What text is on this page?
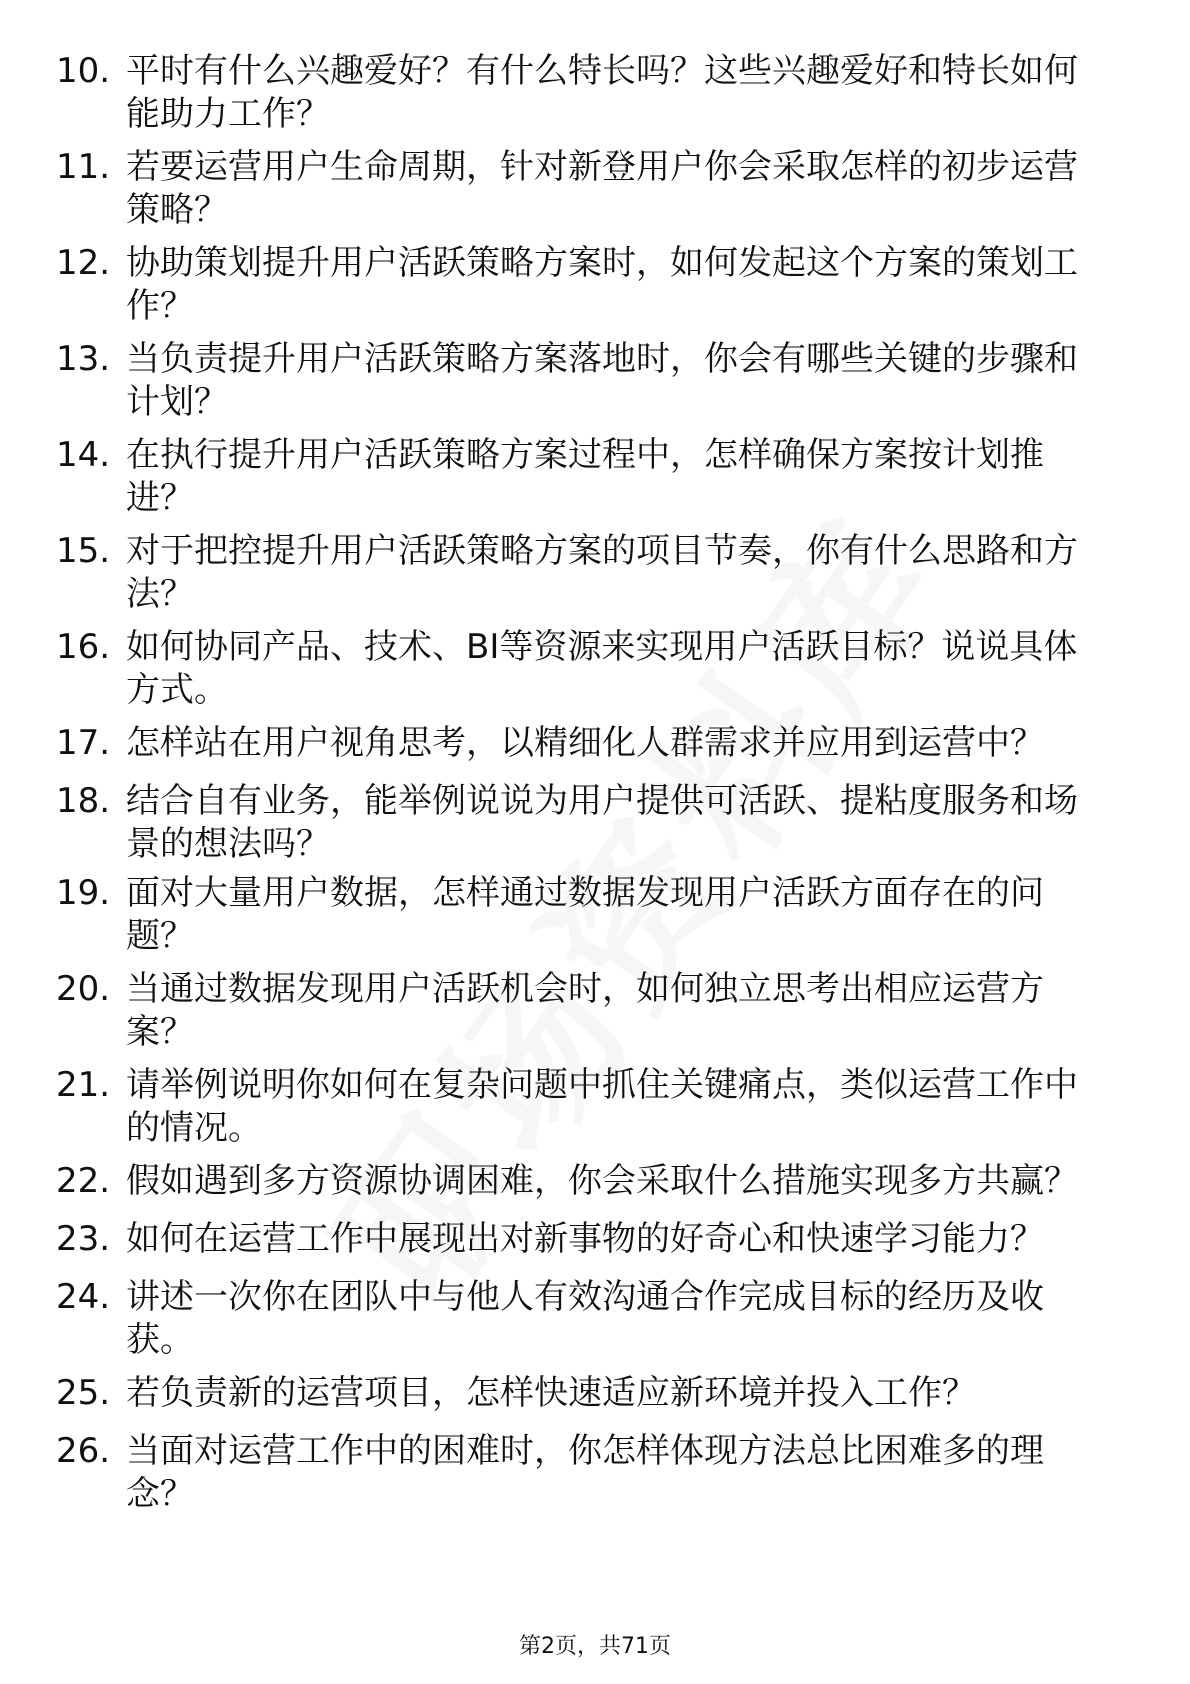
10. 平时有什么兴趣爱好？有什么特长吗？这些兴趣爱好和特长如何能助力工作？
11. 若要运营用户生命周期，针对新登用户你会采取怎样的初步运营策略？
12. 协助策划提升用户活跃策略方案时，如何发起这个方案的策划工作？
13. 当负责提升用户活跃策略方案落地时，你会有哪些关键的步骤和计划？
14. 在执行提升用户活跃策略方案过程中，怎样确保方案按计划推进？
15. 对于把控提升用户活跃策略方案的项目节奏，你有什么思路和方法？
16. 如何协同产品、技术、BI等资源来实现用户活跃目标？说说具体方式。
17. 怎样站在用户视角思考，以精细化人群需求并应用到运营中？
18. 结合自有业务，能举例说说为用户提供可活跃、提粘度服务和场景的想法吗？
19. 面对大量用户数据，怎样通过数据发现用户活跃方面存在的问题？
20. 当通过数据发现用户活跃机会时，如何独立思考出相应运营方案？
21. 请举例说明你如何在复杂问题中抓住关键痛点，类似运营工作中的情况。
22. 假如遇到多方资源协调困难，你会采取什么措施实现多方共赢？
23. 如何在运营工作中展现出对新事物的好奇心和快速学习能力？
24. 讲述一次你在团队中与他人有效沟通合作完成目标的经历及收获。
25. 若负责新的运营项目，怎样快速适应新环境并投入工作？
26. 当面对运营工作中的困难时，你怎样体现方法总比困难多的理念？
第2页，共71页
